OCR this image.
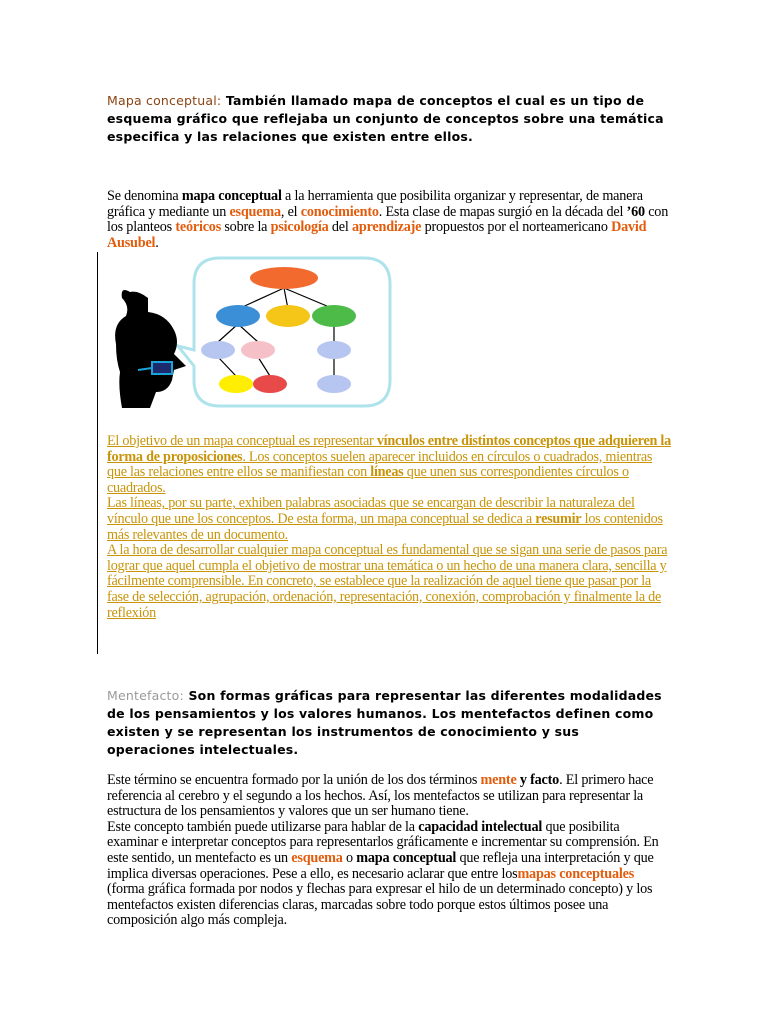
Mapa conceptual: También llamado mapa de conceptos el cual es un tipo de esquema gráfico que reflejaba un conjunto de conceptos sobre una temática especifica y las relaciones que existen entre ellos.
Se denomina mapa conceptual a la herramienta que posibilita organizar y representar, de manera gráfica y mediante un esquema, el conocimiento. Esta clase de mapas surgió en la década del ’60 con los planteos teóricos sobre la psicología del aprendizaje propuestos por el norteamericano David Ausubel.
El objetivo de un mapa conceptual es representar vínculos entre distintos conceptos que adquieren la forma de proposiciones. Los conceptos suelen aparecer incluidos en círculos o cuadrados, mientras que las relaciones entre ellos se manifiestan con líneas que unen sus correspondientes círculos o cuadrados.
Las líneas, por su parte, exhiben palabras asociadas que se encargan de describir la naturaleza del vínculo que une los conceptos. De esta forma, un mapa conceptual se dedica a resumir los contenidos más relevantes de un documento.
A la hora de desarrollar cualquier mapa conceptual es fundamental que se sigan una serie de pasos para lograr que aquel cumpla el objetivo de mostrar una temática o un hecho de una manera clara, sencilla y fácilmente comprensible. En concreto, se establece que la realización de aquel tiene que pasar por la fase de selección, agrupación, ordenación, representación, conexión, comprobación y finalmente la de reflexión
Mentefacto: Son formas gráficas para representar las diferentes modalidades de los pensamientos y los valores humanos. Los mentefactos definen como existen y se representan los instrumentos de conocimiento y sus operaciones intelectuales.
Este término se encuentra formado por la unión de los dos términos mente y facto. El primero hace referencia al cerebro y el segundo a los hechos. Así, los mentefactos se utilizan para representar la estructura de los pensamientos y valores que un ser humano tiene.
Este concepto también puede utilizarse para hablar de la capacidad intelectual que posibilita examinar e interpretar conceptos para representarlos gráficamente e incrementar su comprensión. En este sentido, un mentefacto es un esquema o mapa conceptual que refleja una interpretación y que implica diversas operaciones. Pese a ello, es necesario aclarar que entre losmapas conceptuales (forma gráfica formada por nodos y flechas para expresar el hilo de un determinado concepto) y los mentefactos existen diferencias claras, marcadas sobre todo porque estos últimos posee una composición algo más compleja.
